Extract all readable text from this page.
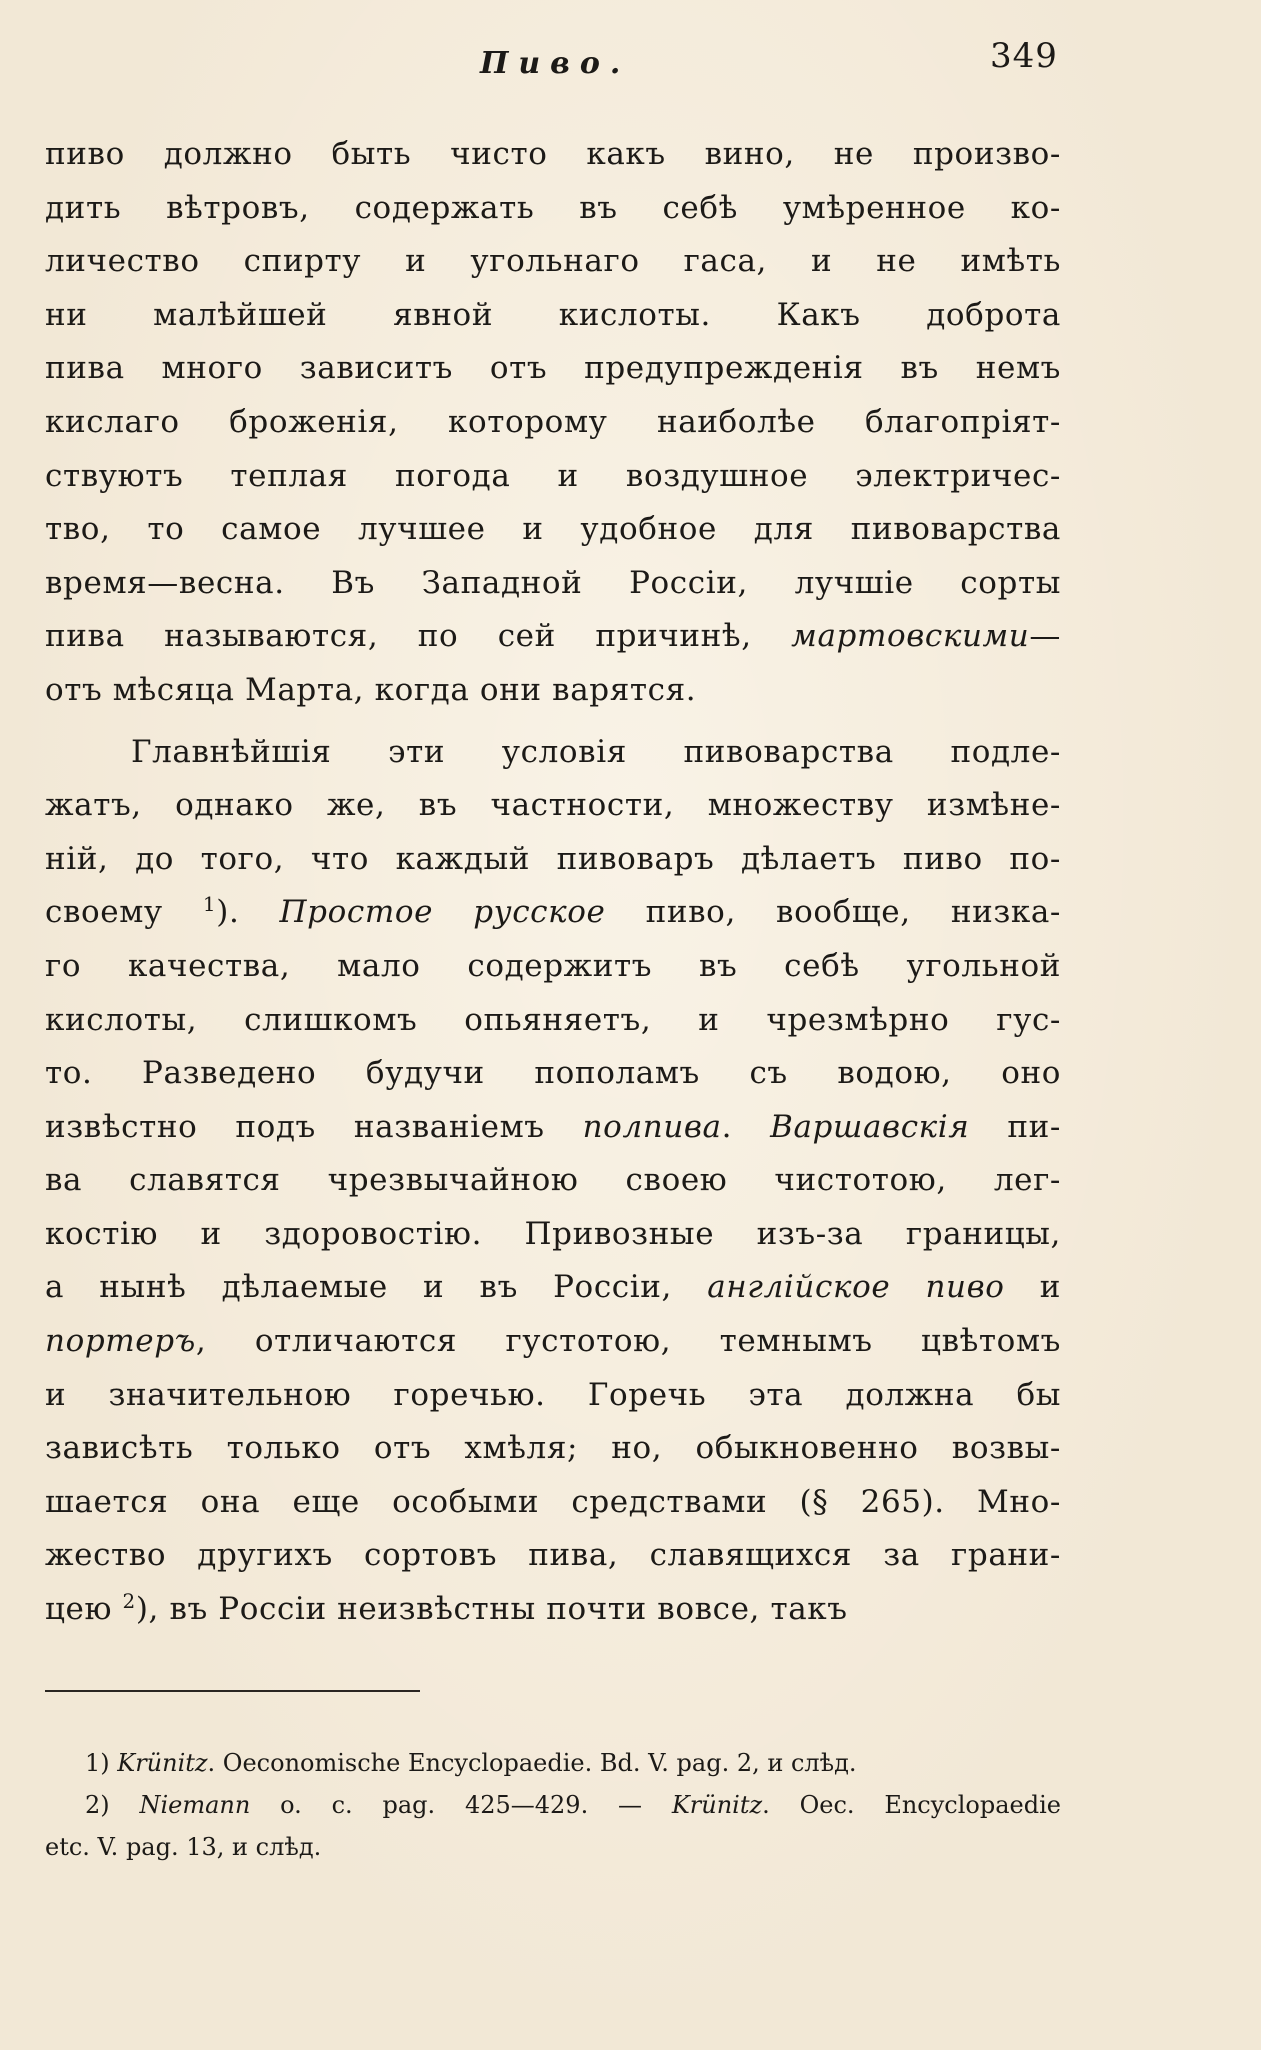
Пиво.	349
пиво должно быть чисто какъ вино, не произво-
дить вѣтровъ, содержать въ себѣ умѣренное ко-
личество спирту и угольнаго гаса, и не имѣть
ни малѣйшей явной кислоты. Какъ доброта
пива много зависитъ отъ предупрежденія въ немъ
кислаго броженія, которому наиболѣе благопріят-
ствуютъ теплая погода и воздушное электричес-
тво, то самое лучшее и удобное для пивоварства
время—весна. Въ Западной Россіи, лучшіе сорты
пива называются, по сей причинѣ, мартовскими—
отъ мѣсяца Марта, когда они варятся.
Главнѣйшія эти условія пивоварства подле-
жатъ, однако же, въ частности, множеству измѣне-
ній, до того, что каждый пивоваръ дѣлаетъ пиво по-
своему $^1$). Простое русское пиво, вообще, низка-
го качества, мало содержитъ въ себѣ угольной
кислоты, слишкомъ опьяняетъ, и чрезмѣрно гус-
то. Разведено будучи пополамъ съ водою, оно
извѣстно подъ названіемъ полпива. Варшавскія пи-
ва славятся чрезвычайною своею чистотою, лег-
костію и здоровостію. Привозные изъ-за границы,
а нынѣ дѣлаемые и въ Россіи, англійское пиво и
портеръ, отличаются густотою, темнымъ цвѣтомъ
и значительною горечью. Горечь эта должна бы
зависѣть только отъ хмѣля; но, обыкновенно возвы-
шается она еще особыми средствами (§ 265). Мно-
жество другихъ сортовъ пива, славящихся за грани-
цею $^2$), въ Россіи неизвѣстны почти вовсе, такъ
1) Krünitz. Oeconomische Encyclopaedie. Bd. V. pag. 2, и слѣд.
2) Niemann o. c. pag. 425—429. — Krünitz. Oec. Encyclopaedie
etc. V. pag. 13, и слѣд.
